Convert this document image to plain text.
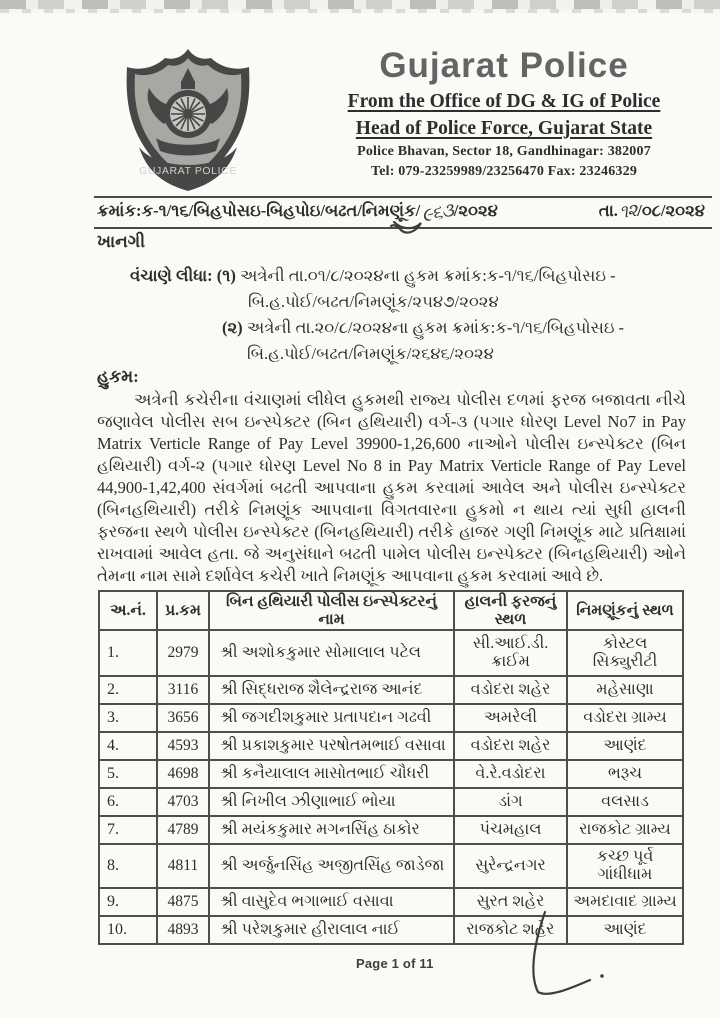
GUJARAT POLICE
Gujarat Police
From the Office of DG & IG of Police
Head of Police Force, Gujarat State
Police Bhavan, Sector 18, Gandhinagar: 382007
Tel: 079-23259989/23256470 Fax: 23246329
ક્રમાંક:ક-૧/૧૬/બિહપોસઇ-બિહપોઇ/બઢત/નિમણૂંક/૯૬૩/૨૦૨૪	તા.૧૨/૦૮/૨૦૨૪
ખાનગી
વંચાણે લીધા: (૧) અત્રેની તા.૦૧/૮/૨૦૨૪ના હુકમ ક્રમાંક:ક-૧/૧૬/બિહપોસઇ -
બિ.હ.પોઈ/બઢત/નિમણૂંક/૨૫૪૭/૨૦૨૪
(૨) અત્રેની તા.૨૦/૮/૨૦૨૪ના હુકમ ક્રમાંક:ક-૧/૧૬/બિહપોસઇ -
બિ.હ.પોઈ/બઢત/નિમણૂંક/૨૬૪૬/૨૦૨૪
હુકમ:
અત્રેની કચેરીના વંચાણમાં લીધેલ હુકમથી રાજ્ય પોલીસ દળમાં ફરજ બજાવતા નીચે જણાવેલ પોલીસ સબ ઇન્સ્પેક્ટર (બિન હથિયારી) વર્ગ-૩ (પગાર ધોરણ Level No7 in Pay Matrix Verticle Range of Pay Level 39900-1,26,600 નાઓને પોલીસ ઇન્સ્પેક્ટર (બિન હથિયારી) વર્ગ-૨ (પગાર ધોરણ Level No 8 in Pay Matrix Verticle Range of Pay Level 44,900-1,42,400 સંવર્ગમાં બઢતી આપવાના હુકમ કરવામાં આવેલ અને પોલીસ ઇન્સ્પેક્ટર (બિનહથિયારી) તરીકે નિમણૂંક આપવાના વિગતવારના હુકમો ન થાય ત્યાં સુધી હાલની ફરજના સ્થળે પોલીસ ઇન્સ્પેક્ટર (બિનહથિયારી) તરીકે હાજર ગણી નિમણૂંક માટે પ્રતિક્ષામાં રાખવામાં આવેલ હતા. જે અનુસંધાને બઢતી પામેલ પોલીસ ઇન્સ્પેક્ટર (બિનહથિયારી) ઓને તેમના નામ સામે દર્શાવેલ કચેરી ખાતે નિમણૂંક આપવાના હુકમ કરવામાં આવે છે.
અ.નં.	પ્ર.કમ	બિન હથિયારી પોલીસ ઇન્સ્પેક્ટરનું નામ	હાલની ફરજનું સ્થળ	નિમણૂંકનું સ્થળ
1.	2979	શ્રી અશોકકુમાર સોમાલાલ પટેલ	સી.આઈ.ડી. ક્રાઈમ	કોસ્ટલ સિક્યુરીટી
2.	3116	શ્રી સિદ્ધરાજ શૈલેન્દ્રરાજ આનંદ	વડોદરા શહેર	મહેસાણા
3.	3656	શ્રી જગદીશકુમાર પ્રતાપદાન ગઢવી	અમરેલી	વડોદરા ગ્રામ્ય
4.	4593	શ્રી પ્રકાશકુમાર પરષોતમભાઈ વસાવા	વડોદરા શહેર	આણંદ
5.	4698	શ્રી કનૈયાલાલ માસોતભાઈ ચૌધરી	વે.રે.વડોદરા	ભરૂચ
6.	4703	શ્રી નિખીલ ઝીણાભાઈ ભોયા	ડાંગ	વલસાડ
7.	4789	શ્રી મયંકકુમાર મગનસિંહ ઠાકોર	પંચમહાલ	રાજકોટ ગ્રામ્ય
8.	4811	શ્રી અર્જુનસિંહ અજીતસિંહ જાડેજા	સુરેન્દ્રનગર	કચ્છ પૂર્વ ગાંધીધામ
9.	4875	શ્રી વાસુદેવ ભગાભાઈ વસાવા	સુરત શહેર	અમદાવાદ ગ્રામ્ય
10.	4893	શ્રી પરેશકુમાર હીરાલાલ નાઈ	રાજકોટ શહેર	આણંદ
Page 1 of 11
